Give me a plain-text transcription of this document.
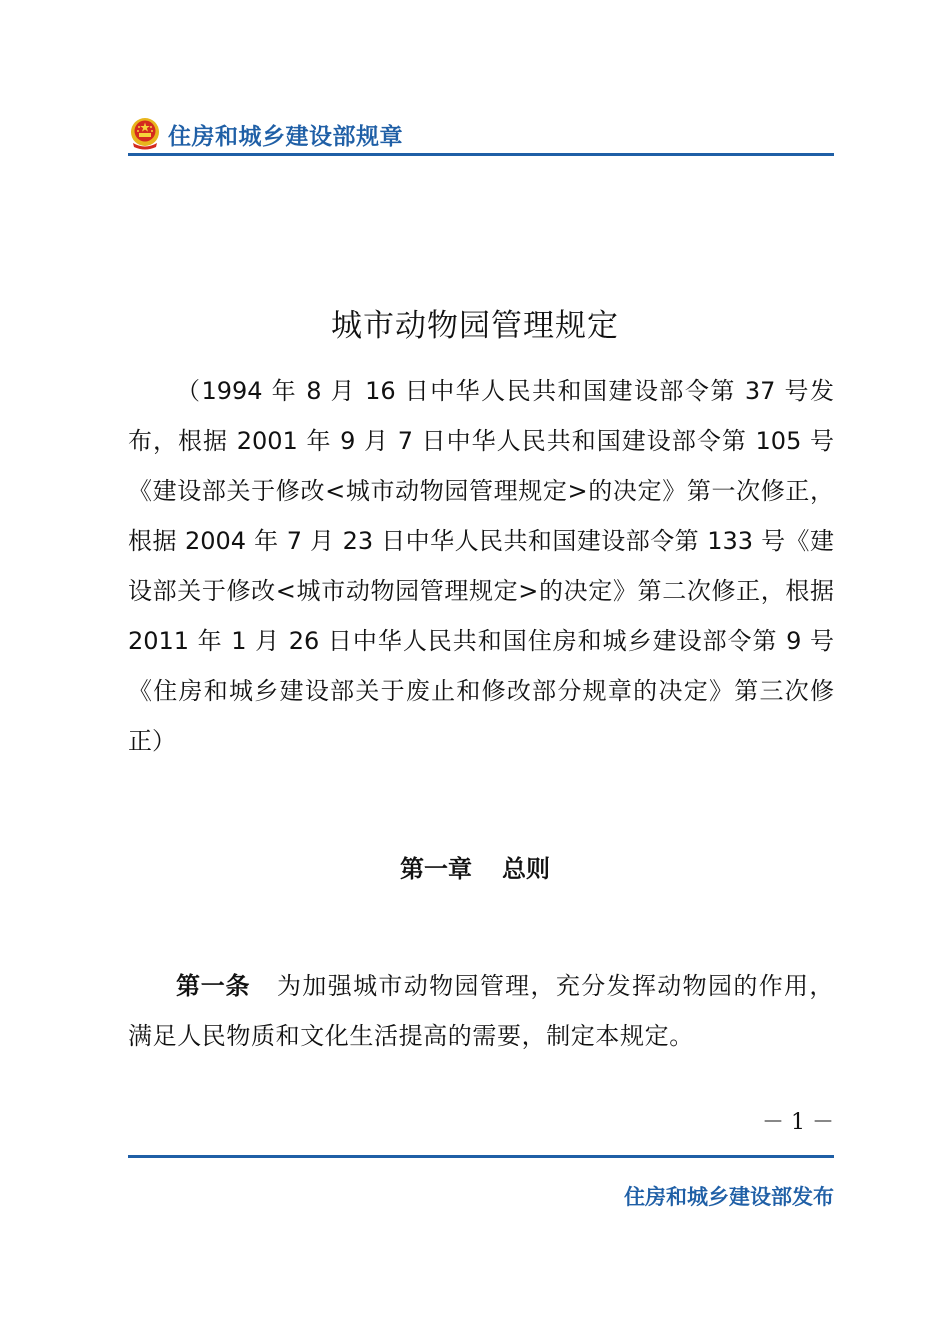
住房和城乡建设部规章
城市动物园管理规定

（1994 年 8 月 16 日中华人民共和国建设部令第 37 号发布，根据 2001 年 9 月 7 日中华人民共和国建设部令第 105 号《建设部关于修改<城市动物园管理规定>的决定》第一次修正，根据 2004 年 7 月 23 日中华人民共和国建设部令第 133 号《建设部关于修改<城市动物园管理规定>的决定》第二次修正，根据 2011 年 1 月 26 日中华人民共和国住房和城乡建设部令第 9 号《住房和城乡建设部关于废止和修改部分规章的决定》第三次修正）

第一章 总则

第一条 为加强城市动物园管理，充分发挥动物园的作用，满足人民物质和文化生活提高的需要，制定本规定。

－ 1 －
住房和城乡建设部发布
